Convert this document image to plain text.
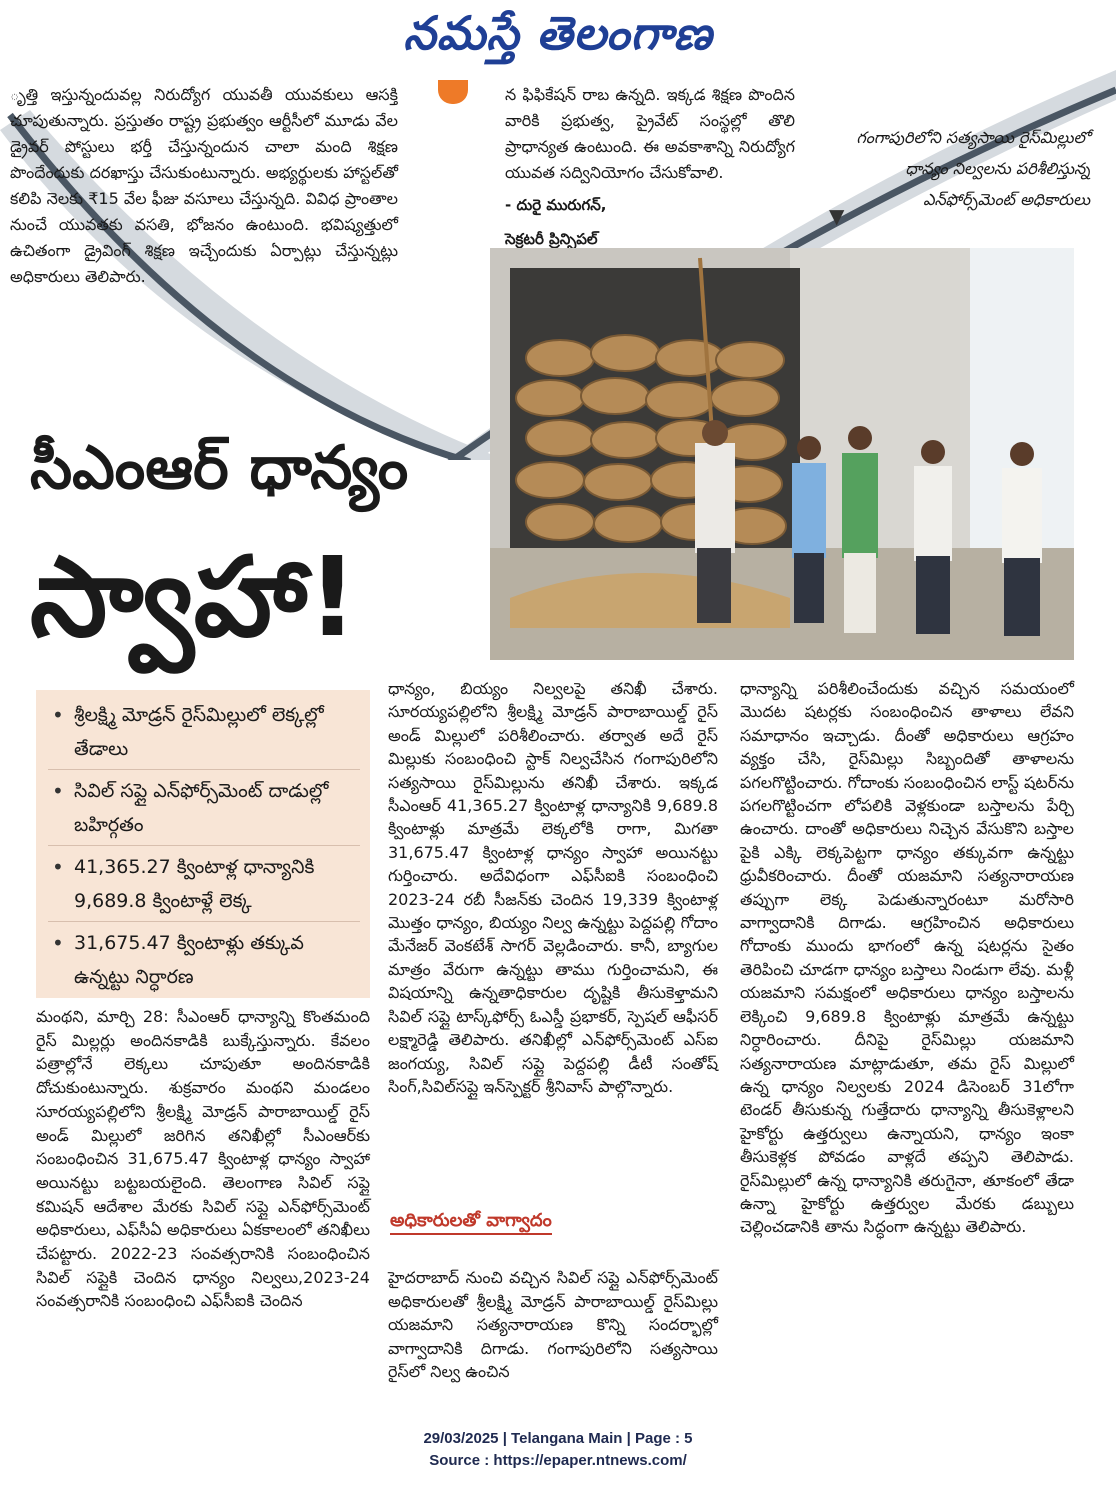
నమస్తే తెలంగాణ

ృత్తి ఇస్తున్నందువల్ల నిరుద్యోగ యువతీ యువకులు ఆసక్తి చూపుతున్నారు. ప్రస్తుతం రాష్ట్ర ప్రభుత్వం ఆర్టీసీలో మూడు వేల డ్రైవర్ పోస్టులు భర్తీ చేస్తున్నందున చాలా మంది శిక్షణ పొందేందుకు దరఖాస్తు చేసుకుంటున్నారు. అభ్యర్థులకు హాస్టల్‌తో కలిపి నెలకు ₹15 వేల ఫీజు వసూలు చేస్తున్నది. వివిధ ప్రాంతాల నుంచే యువతకు వసతి, భోజనం ఉంటుంది. భవిష్యత్తులో ఉచితంగా డ్రైవింగ్ శిక్షణ ఇచ్చేందుకు ఏర్పాట్లు చేస్తున్నట్లు అధికారులు తెలిపారు.

న ఫిఫికేషన్ రాబ ఉన్నది. ఇక్కడ శిక్షణ పొందిన వారికి ప్రభుత్వ, ప్రైవేట్ సంస్థల్లో తొలి ప్రాధాన్యత ఉంటుంది. ఈ అవకాశాన్ని నిరుద్యోగ యువత సద్వినియోగం చేసుకోవాలి.

- దురై మురుగన్,

సెక్రటరీ ప్రిన్సిపల్

గంగాపురిలోని సత్యసాయి రైస్‌మిల్లులో ధాన్యం నిల్వలను పరిశీలిస్తున్న ఎన్‌ఫోర్స్‌మెంట్ అధికారులు
▼
సీఎంఆర్ ధాన్యం
స్వాహా!
• శ్రీలక్ష్మి మోడ్రన్ రైస్‌మిల్లులో లెక్కల్లో తేడాలు
• సివిల్ సప్లై ఎన్‌ఫోర్స్‌మెంట్ దాడుల్లో బహిర్గతం
• 41,365.27 క్వింటాళ్ల ధాన్యానికి 9,689.8 క్వింటాళ్లే లెక్క
• 31,675.47 క్వింటాళ్లు తక్కువ ఉన్నట్టు నిర్ధారణ

మంథని, మార్చి 28: సీఎంఆర్ ధాన్యాన్ని కొంతమంది రైస్ మిల్లర్లు అందినకాడికి బుక్కేస్తున్నారు. కేవలం పత్రాల్లోనే లెక్కలు చూపుతూ అందినకాడికి దోచుకుంటున్నారు. శుక్రవారం మంథని మండలం సూరయ్యపల్లిలోని శ్రీలక్ష్మి మోడ్రన్ పారాబాయిల్డ్ రైస్ అండ్ మిల్లులో జరిగిన తనిఖీల్లో సీఎంఆర్‌కు సంబంధించిన 31,675.47 క్వింటాళ్ల ధాన్యం స్వాహా అయినట్టు బట్టబయలైంది. తెలంగాణ సివిల్ సప్లై కమిషన్ ఆదేశాల మేరకు సివిల్ సప్లై ఎన్‌ఫోర్స్‌మెంట్ అధికారులు, ఎఫ్‌సీఏ అధికారులు ఏకకాలంలో తనిఖీలు చేపట్టారు. 2022-23 సంవత్సరానికి సంబంధించిన సివిల్ సప్లైకి చెందిన ధాన్యం నిల్వలు,2023-24 సంవత్సరానికి సంబంధించి ఎఫ్‌సీఐకి చెందిన

ధాన్యం, బియ్యం నిల్వలపై తనిఖీ చేశారు. సూరయ్యపల్లిలోని శ్రీలక్ష్మి మోడ్రన్ పారాబాయిల్డ్ రైస్ అండ్ మిల్లులో పరిశీలించారు. తర్వాత అదే రైస్ మిల్లుకు సంబంధించి స్టాక్ నిల్వచేసిన గంగాపురిలోని సత్యసాయి రైస్‌మిల్లును తనిఖీ చేశారు. ఇక్కడ సీఎంఆర్ 41,365.27 క్వింటాళ్ల ధాన్యానికి 9,689.8 క్వింటాళ్లు మాత్రమే లెక్కలోకి రాగా, మిగతా 31,675.47 క్వింటాళ్ల ధాన్యం స్వాహా అయినట్టు గుర్తించారు. అదేవిధంగా ఎఫ్‌సీఐకి సంబంధించి 2023-24 రబీ సీజన్‌కు చెందిన 19,339 క్వింటాళ్ల మొత్తం ధాన్యం, బియ్యం నిల్వ ఉన్నట్టు పెద్దపల్లి గోదాం మేనేజర్ వెంకటేశ్ సాగర్ వెల్లడించారు. కానీ, బ్యాగుల మాత్రం వేరుగా ఉన్నట్టు తాము గుర్తించామని, ఈ విషయాన్ని ఉన్నతాధికారుల దృష్టికి తీసుకెళ్తామని సివిల్ సప్లై టాస్క్‌ఫోర్స్ ఓఎస్డీ ప్రభాకర్, స్పెషల్ ఆఫీసర్ లక్ష్మారెడ్డి తెలిపారు. తనిఖీల్లో ఎన్‌ఫోర్స్‌మెంట్ ఎస్ఐ జంగయ్య, సివిల్ సప్లై పెద్దపల్లి డీటీ సంతోష్ సింగ్,సివిల్‌సప్లై ఇన్‌స్పెక్టర్ శ్రీనివాస్ పాల్గొన్నారు.

అధికారులతో వాగ్వాదం

హైదరాబాద్ నుంచి వచ్చిన సివిల్ సప్లై ఎన్‌ఫోర్స్‌మెంట్ అధికారులతో శ్రీలక్ష్మి మోడ్రన్ పారాబాయిల్డ్ రైస్‌మిల్లు యజమాని సత్యనారాయణ కొన్ని సందర్భాల్లో వాగ్వాదానికి దిగాడు. గంగాపురిలోని సత్యసాయి రైస్‌లో నిల్వ ఉంచిన

ధాన్యాన్ని పరిశీలించేందుకు వచ్చిన సమయంలో మొదట షటర్లకు సంబంధించిన తాళాలు లేవని సమాధానం ఇచ్చాడు. దీంతో అధికారులు ఆగ్రహం వ్యక్తం చేసి, రైస్‌మిల్లు సిబ్బందితో తాళాలను పగలగొట్టించారు. గోదాంకు సంబంధించిన లాస్ట్ షటర్‌ను పగలగొట్టించగా లోపలికి వెళ్లకుండా బస్తాలను పేర్చి ఉంచారు. దాంతో అధికారులు నిచ్చెన వేసుకొని బస్తాల పైకి ఎక్కి లెక్కపెట్టగా ధాన్యం తక్కువగా ఉన్నట్టు ధ్రువీకరించారు. దీంతో యజమాని సత్యనారాయణ తప్పుగా లెక్క పెడుతున్నారంటూ మరోసారి వాగ్వాదానికి దిగాడు. ఆగ్రహించిన అధికారులు గోదాంకు ముందు భాగంలో ఉన్న షటర్లను సైతం తెరిపించి చూడగా ధాన్యం బస్తాలు నిండుగా లేవు. మళ్లీ యజమాని సమక్షంలో అధికారులు ధాన్యం బస్తాలను లెక్కించి 9,689.8 క్వింటాళ్లు మాత్రమే ఉన్నట్టు నిర్ధారించారు. దీనిపై రైస్‌మిల్లు యజమాని సత్యనారాయణ మాట్లాడుతూ, తమ రైస్ మిల్లులో ఉన్న ధాన్యం నిల్వలకు 2024 డిసెంబర్ 31లోగా టెండర్ తీసుకున్న గుత్తేదారు ధాన్యాన్ని తీసుకెళ్లాలని హైకోర్టు ఉత్తర్వులు ఉన్నాయని, ధాన్యం ఇంకా తీసుకెళ్లక పోవడం వాళ్లదే తప్పని తెలిపాడు. రైస్‌మిల్లులో ఉన్న ధాన్యానికి తరుగైనా, తూకంలో తేడా ఉన్నా హైకోర్టు ఉత్తర్వుల మేరకు డబ్బులు చెల్లించడానికి తాను సిద్ధంగా ఉన్నట్టు తెలిపారు.

29/03/2025 | Telangana Main | Page : 5
Source : https://epaper.ntnews.com/
